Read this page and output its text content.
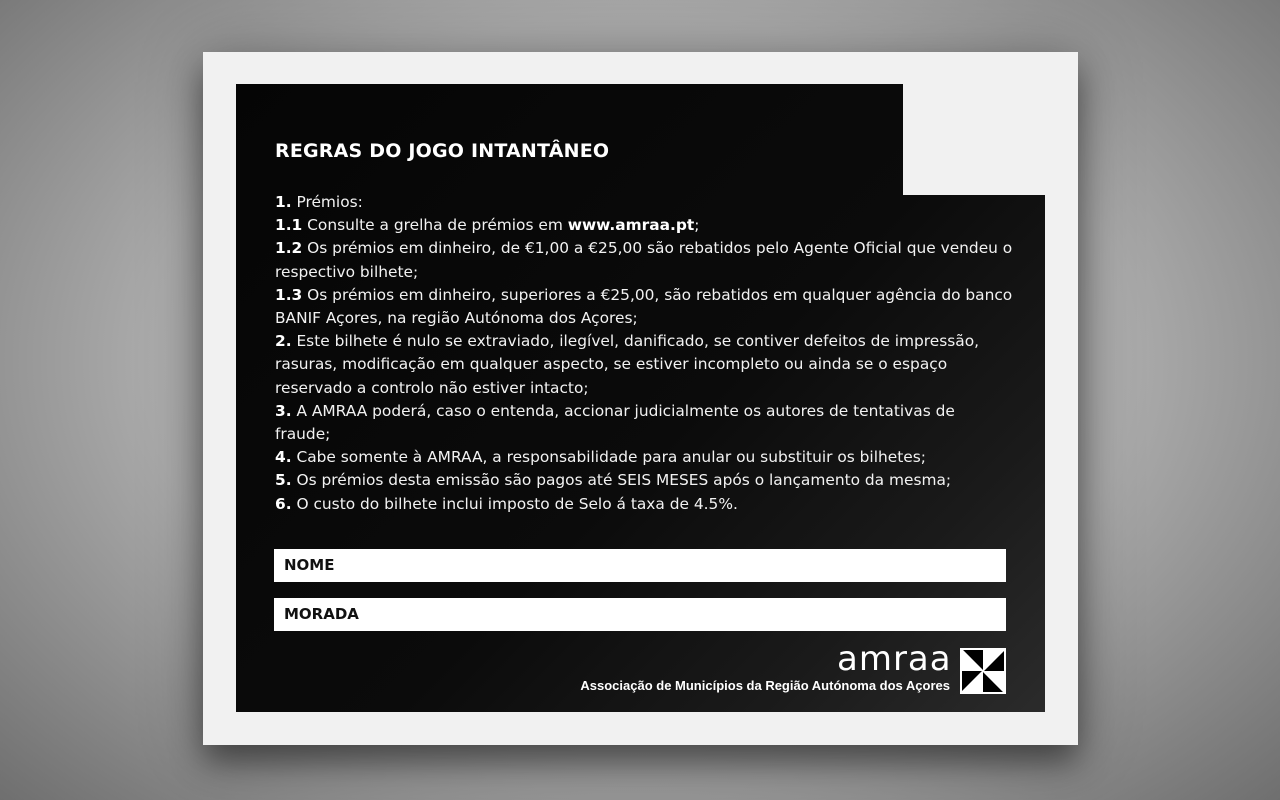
REGRAS DO JOGO INTANTÂNEO
1. Prémios:
1.1 Consulte a grelha de prémios em www.amraa.pt;
1.2 Os prémios em dinheiro, de €1,00 a €25,00 são rebatidos pelo Agente Oficial que vendeu o respectivo bilhete;
1.3 Os prémios em dinheiro, superiores a €25,00, são rebatidos em qualquer agência do banco BANIF Açores, na região Autónoma dos Açores;
2. Este bilhete é nulo se extraviado, ilegível, danificado, se contiver defeitos de impressão, rasuras, modificação em qualquer aspecto, se estiver incompleto ou ainda se o espaço reservado a controlo não estiver intacto;
3. A AMRAA poderá, caso o entenda, accionar judicialmente os autores de tentativas de fraude;
4. Cabe somente à AMRAA, a responsabilidade para anular ou substituir os bilhetes;
5. Os prémios desta emissão são pagos até SEIS MESES após o lançamento da mesma;
6. O custo do bilhete inclui imposto de Selo á taxa de 4.5%.
NOME
MORADA
amraa
Associação de Municípios da Região Autónoma dos Açores
